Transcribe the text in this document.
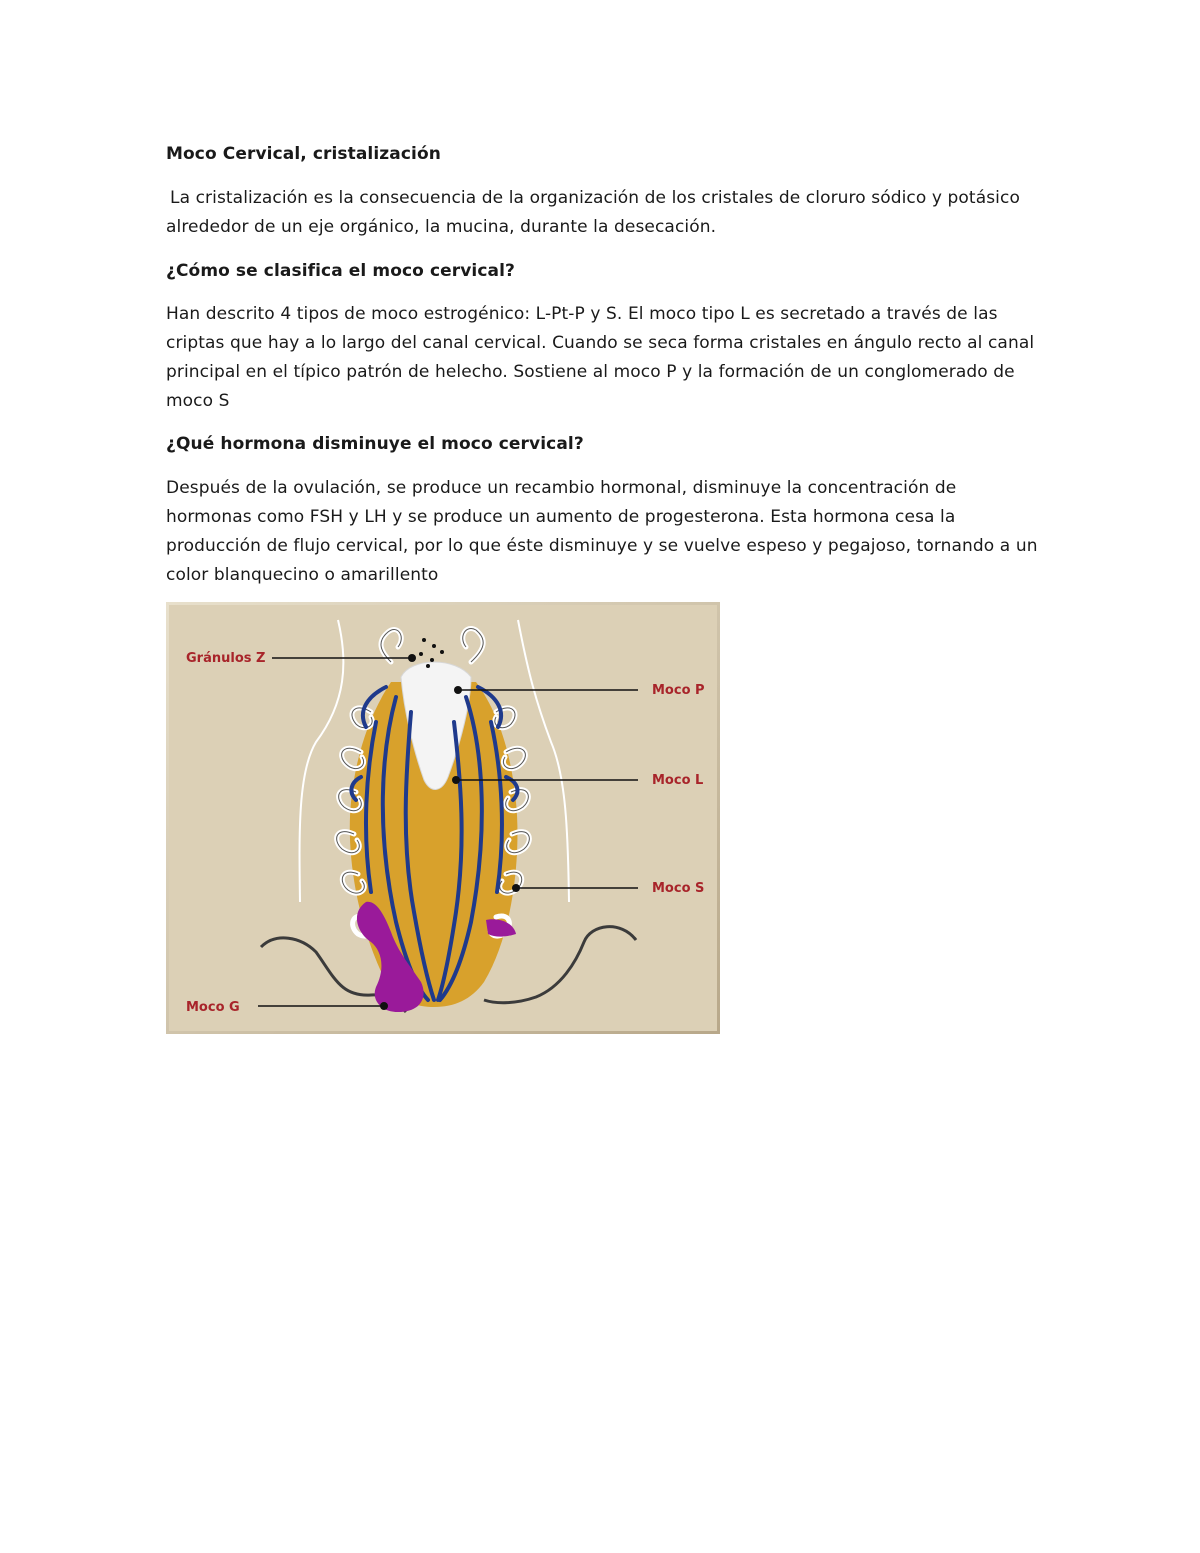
Moco Cervical, cristalización
La cristalización es la consecuencia de la organización de los cristales de cloruro sódico y potásico alrededor de un eje orgánico, la mucina, durante la desecación.
¿Cómo se clasifica el moco cervical?
Han descrito 4 tipos de moco estrogénico: L-Pt-P y S. El moco tipo L es secretado a través de las criptas que hay a lo largo del canal cervical. Cuando se seca forma cristales en ángulo recto al canal principal en el típico patrón de helecho. Sostiene al moco P y la formación de un conglomerado de moco S
¿Qué hormona disminuye el moco cervical?
Después de la ovulación, se produce un recambio hormonal, disminuye la concentración de hormonas como FSH y LH y se produce un aumento de progesterona. Esta hormona cesa la producción de flujo cervical, por lo que éste disminuye y se vuelve espeso y pegajoso, tornando a un color blanquecino o amarillento
Gránulos Z
Moco P
Moco L
Moco S
Moco G
